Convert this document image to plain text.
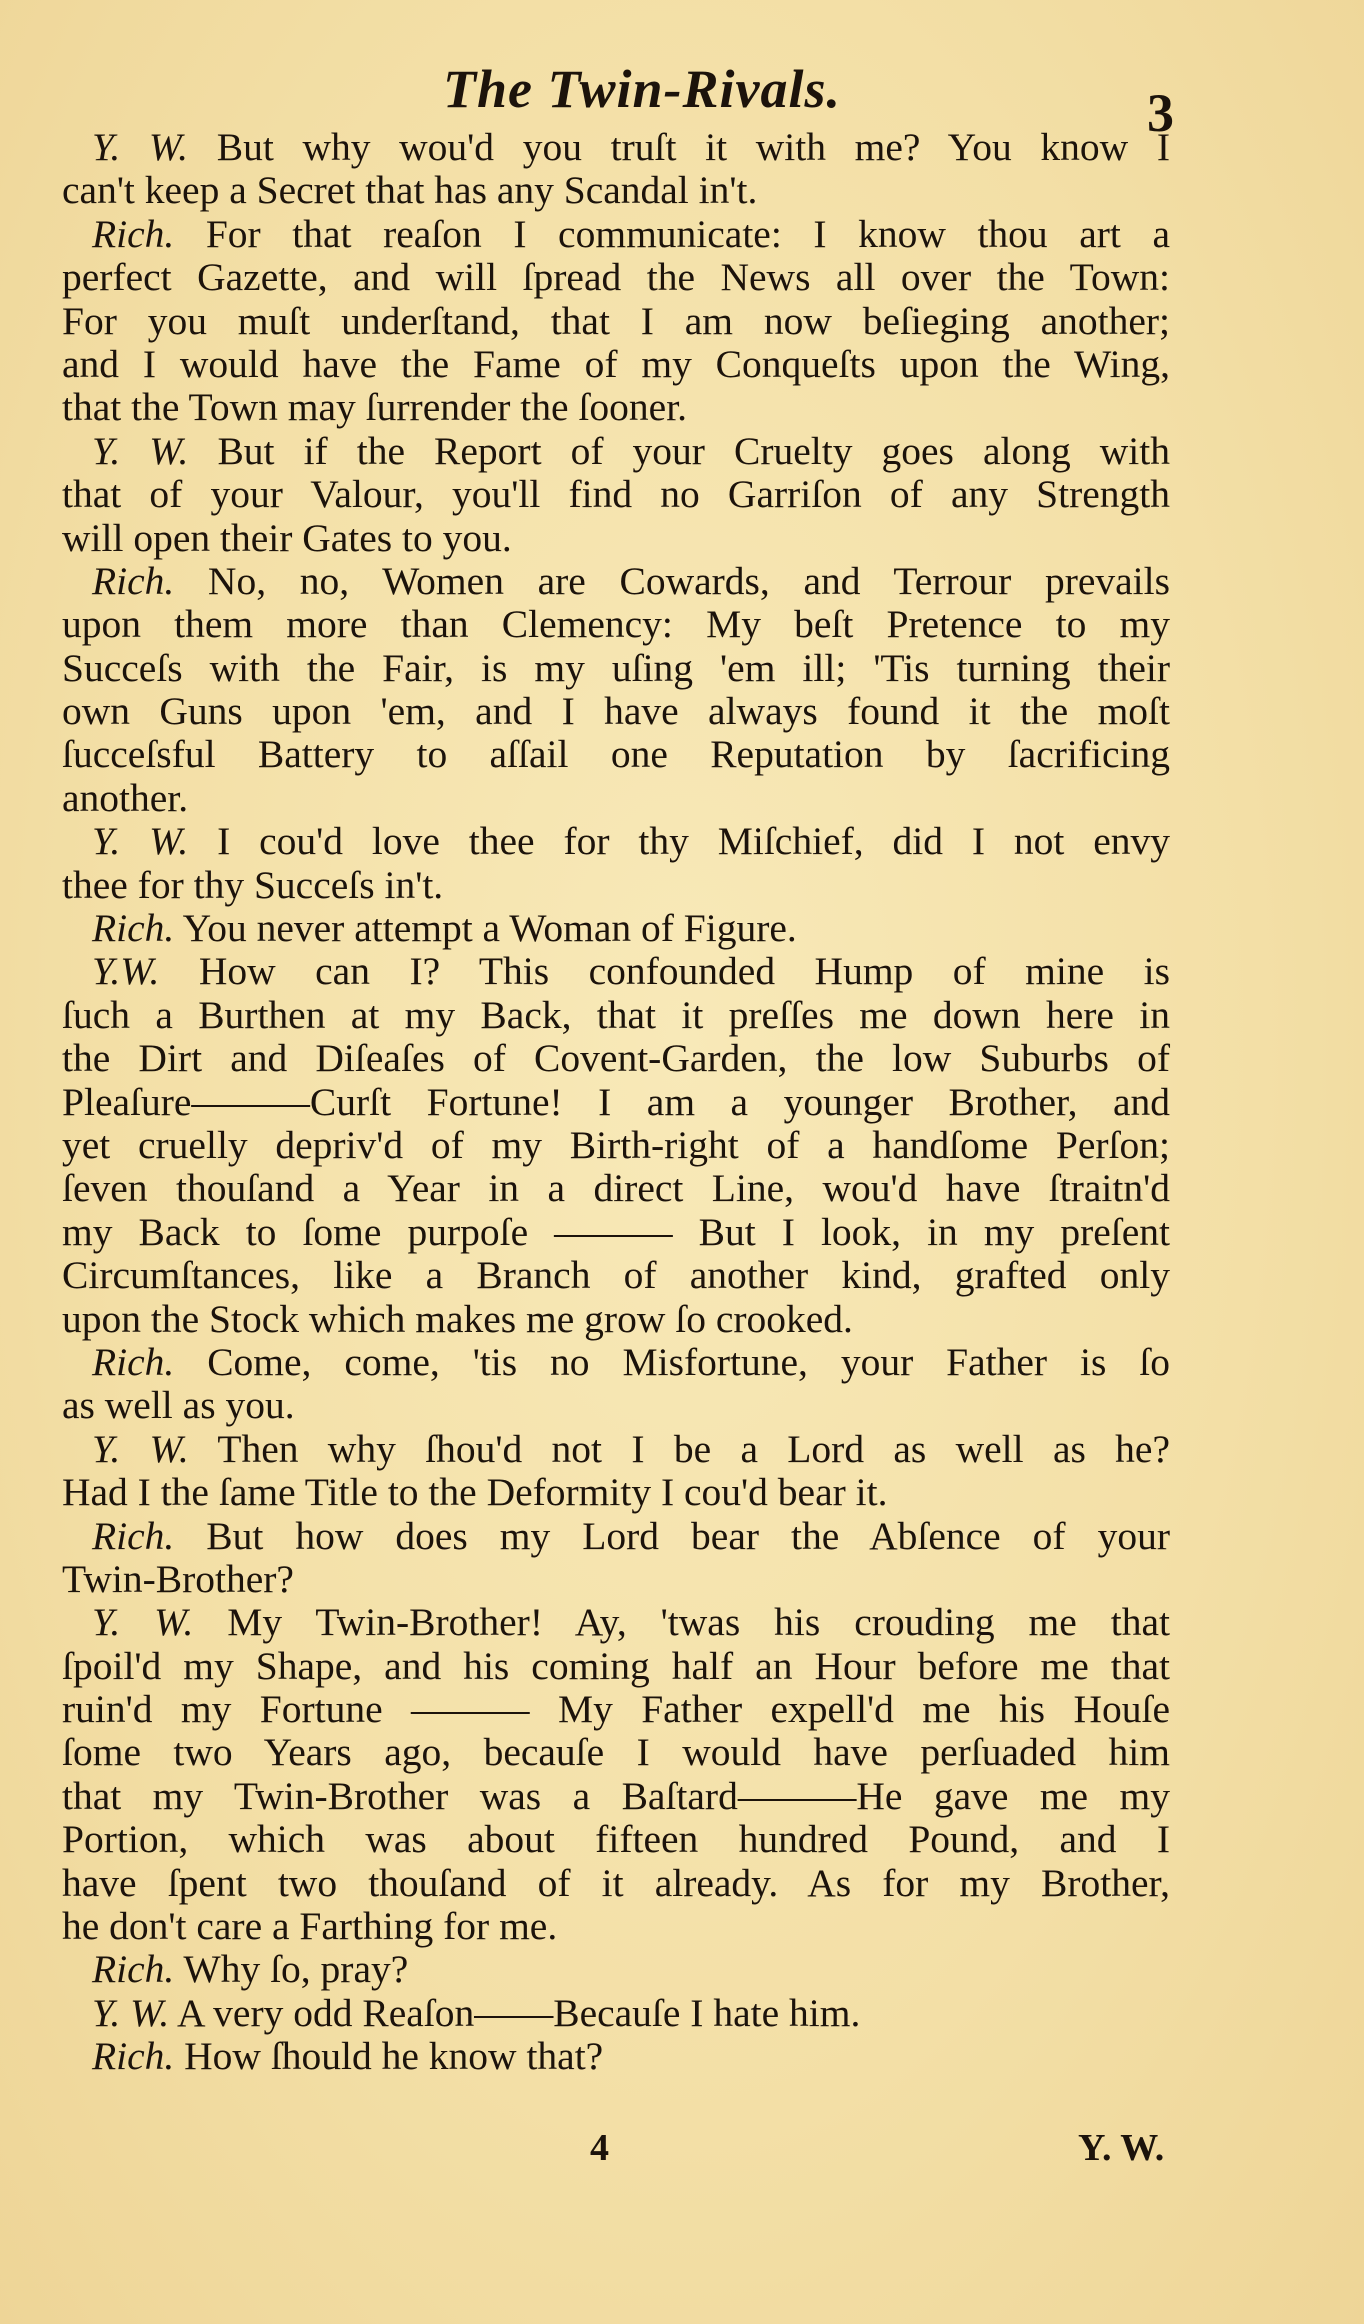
The Twin-Rivals.	3
Y. W. But why wou'd you truſt it with me? You know I
can't keep a Secret that has any Scandal in't.
Rich. For that reaſon I communicate: I know thou art a
perfect Gazette, and will ſpread the News all over the Town:
For you muſt underſtand, that I am now beſieging another;
and I would have the Fame of my Conqueſts upon the Wing,
that the Town may ſurrender the ſooner.
Y. W. But if the Report of your Cruelty goes along with
that of your Valour, you'll find no Garriſon of any Strength
will open their Gates to you.
Rich. No, no, Women are Cowards, and Terrour prevails
upon them more than Clemency: My beſt Pretence to my
Succeſs with the Fair, is my uſing 'em ill; 'Tis turning their
own Guns upon 'em, and I have always found it the moſt
ſucceſsful Battery to aſſail one Reputation by ſacrificing
another.
Y. W. I cou'd love thee for thy Miſchief, did I not envy
thee for thy Succeſs in't.
Rich. You never attempt a Woman of Figure.
Y.W. How can I? This confounded Hump of mine is
ſuch a Burthen at my Back, that it preſſes me down here in
the Dirt and Diſeaſes of Covent-Garden, the low Suburbs of
Pleaſure———Curſt Fortune! I am a younger Brother, and
yet cruelly depriv'd of my Birth-right of a handſome Perſon;
ſeven thouſand a Year in a direct Line, wou'd have ſtraitn'd
my Back to ſome purpoſe ——— But I look, in my preſent
Circumſtances, like a Branch of another kind, grafted only
upon the Stock which makes me grow ſo crooked.
Rich. Come, come, 'tis no Misfortune, your Father is ſo
as well as you.
Y. W. Then why ſhou'd not I be a Lord as well as he?
Had I the ſame Title to the Deformity I cou'd bear it.
Rich. But how does my Lord bear the Abſence of your
Twin-Brother?
Y. W. My Twin-Brother! Ay, 'twas his crouding me that
ſpoil'd my Shape, and his coming half an Hour before me that
ruin'd my Fortune ——— My Father expell'd me his Houſe
ſome two Years ago, becauſe I would have perſuaded him
that my Twin-Brother was a Baſtard———He gave me my
Portion, which was about fifteen hundred Pound, and I
have ſpent two thouſand of it already. As for my Brother,
he don't care a Farthing for me.
Rich. Why ſo, pray?
Y. W. A very odd Reaſon——Becauſe I hate him.
Rich. How ſhould he know that?
4	Y. W.
